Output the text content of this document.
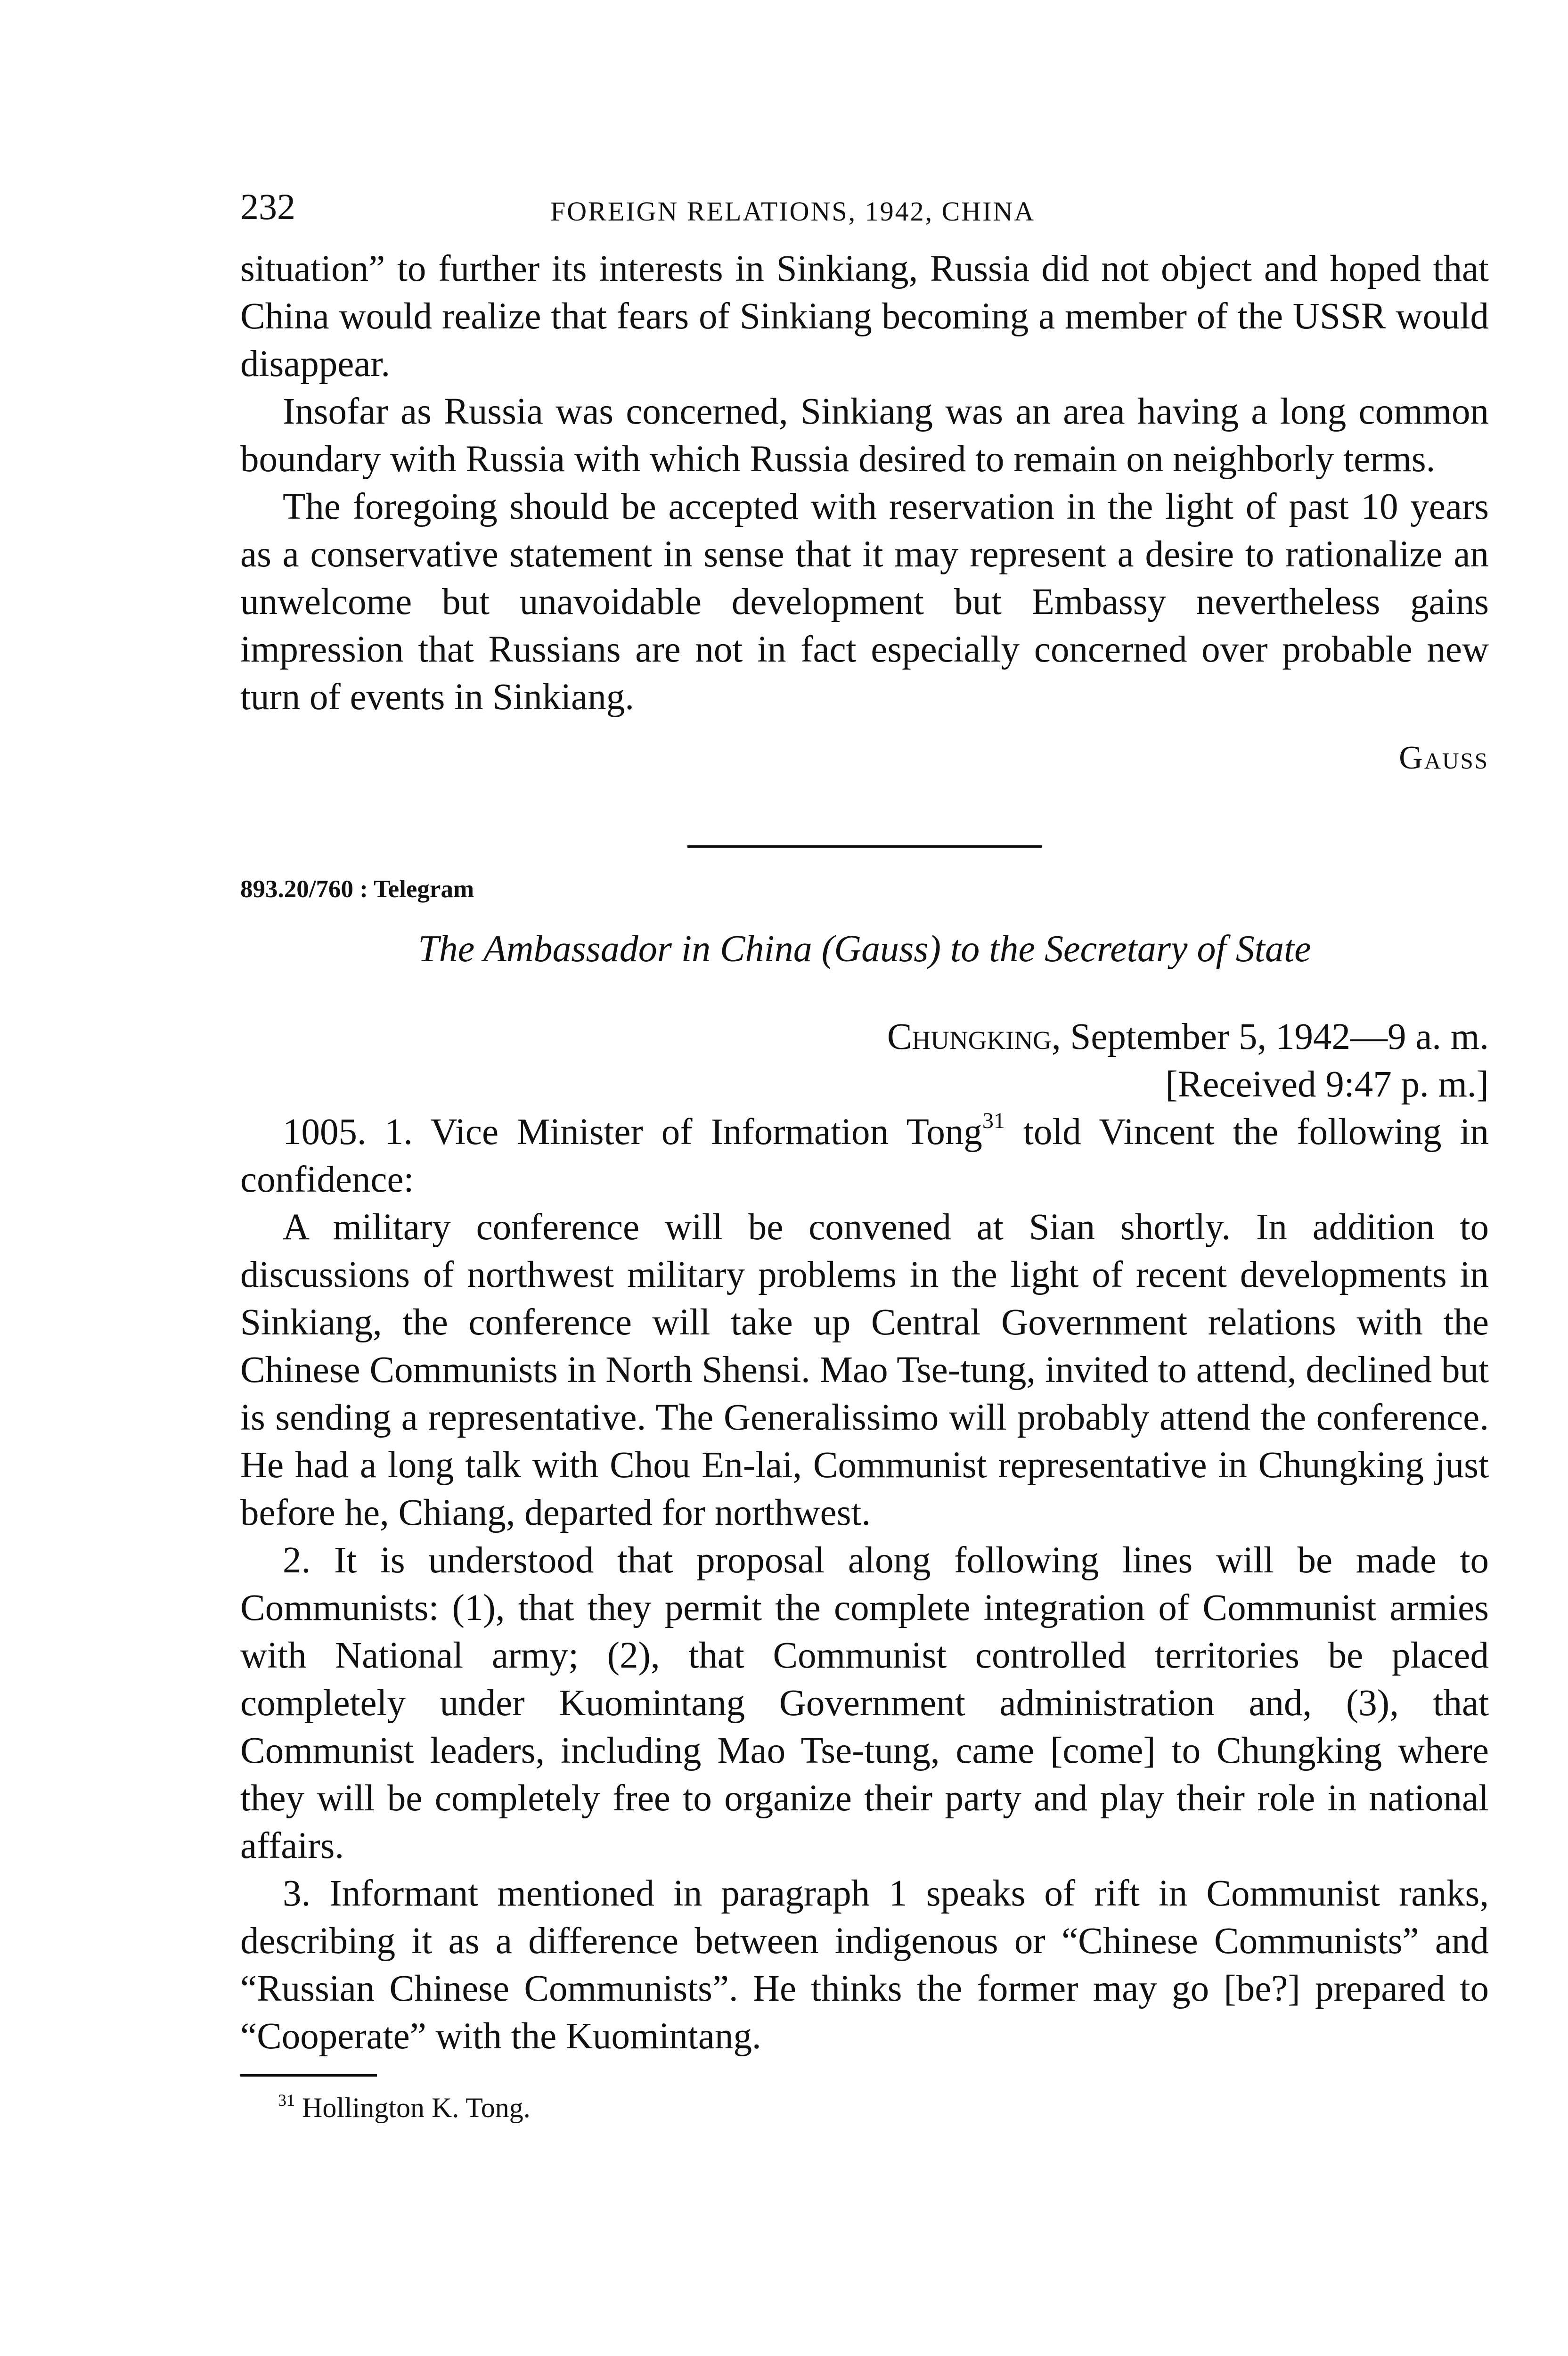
232	FOREIGN RELATIONS, 1942, CHINA

situation” to further its interests in Sinkiang, Russia did not object and hoped that China would realize that fears of Sinkiang becoming a member of the USSR would disappear.

Insofar as Russia was concerned, Sinkiang was an area having a long common boundary with Russia with which Russia desired to remain on neighborly terms.

The foregoing should be accepted with reservation in the light of past 10 years as a conservative statement in sense that it may represent a desire to rationalize an unwelcome but unavoidable development but Embassy nevertheless gains impression that Russians are not in fact especially concerned over probable new turn of events in Sinkiang.

Gauss
893.20/760 : Telegram
The Ambassador in China (Gauss) to the Secretary of State
Chungking, September 5, 1942—9 a. m.
[Received 9:47 p. m.]

1005. 1. Vice Minister of Information Tong$^{31}$ told Vincent the following in confidence:

A military conference will be convened at Sian shortly. In addition to discussions of northwest military problems in the light of recent developments in Sinkiang, the conference will take up Central Government relations with the Chinese Communists in North Shensi. Mao Tse-tung, invited to attend, declined but is sending a representative. The Generalissimo will probably attend the conference. He had a long talk with Chou En-lai, Communist representative in Chungking just before he, Chiang, departed for northwest.

2. It is understood that proposal along following lines will be made to Communists: (1), that they permit the complete integration of Communist armies with National army; (2), that Communist controlled territories be placed completely under Kuomintang Government administration and, (3), that Communist leaders, including Mao Tse-tung, came [come] to Chungking where they will be completely free to organize their party and play their role in national affairs.

3. Informant mentioned in paragraph 1 speaks of rift in Communist ranks, describing it as a difference between indigenous or “Chinese Communists” and “Russian Chinese Communists”. He thinks the former may go [be?] prepared to “Cooperate” with the Kuomintang.

$^{31}$ Hollington K. Tong.
